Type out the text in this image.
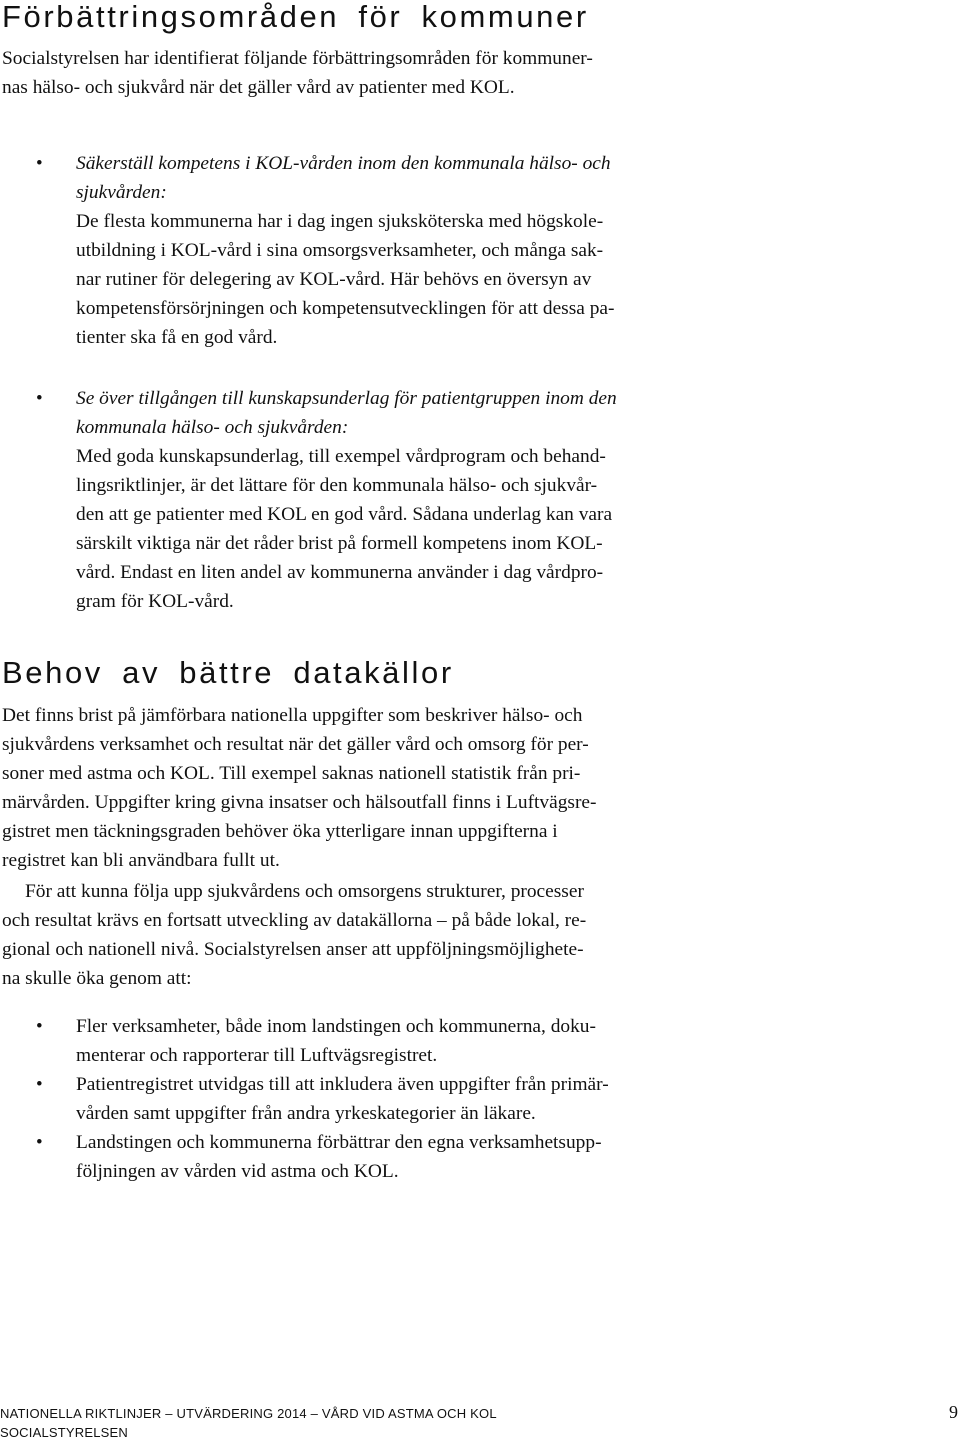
Förbättringsområden för kommuner

Socialstyrelsen har identifierat följande förbättringsområden för kommuner-
nas hälso- och sjukvård när det gäller vård av patienter med KOL.

•
Säkerställ kompetens i KOL-vården inom den kommunala hälso- och
sjukvården:
De flesta kommunerna har i dag ingen sjuksköterska med högskole-
utbildning i KOL-vård i sina omsorgsverksamheter, och många sak-
nar rutiner för delegering av KOL-vård. Här behövs en översyn av
kompetensförsörjningen och kompetensutvecklingen för att dessa pa-
tienter ska få en god vård.
•
Se över tillgången till kunskapsunderlag för patientgruppen inom den
kommunala hälso- och sjukvården:
Med goda kunskapsunderlag, till exempel vårdprogram och behand-
lingsriktlinjer, är det lättare för den kommunala hälso- och sjukvår-
den att ge patienter med KOL en god vård. Sådana underlag kan vara
särskilt viktiga när det råder brist på formell kompetens inom KOL-
vård. Endast en liten andel av kommunerna använder i dag vårdpro-
gram för KOL-vård.
Behov av bättre datakällor

Det finns brist på jämförbara nationella uppgifter som beskriver hälso- och
sjukvårdens verksamhet och resultat när det gäller vård och omsorg för per-
soner med astma och KOL. Till exempel saknas nationell statistik från pri-
märvården. Uppgifter kring givna insatser och hälsoutfall finns i Luftvägsre-
gistret men täckningsgraden behöver öka ytterligare innan uppgifterna i
registret kan bli användbara fullt ut.

För att kunna följa upp sjukvårdens och omsorgens strukturer, processer
och resultat krävs en fortsatt utveckling av datakällorna – på både lokal, re-
gional och nationell nivå. Socialstyrelsen anser att uppföljningsmöjlighete-
na skulle öka genom att:

•
Fler verksamheter, både inom landstingen och kommunerna, doku-
menterar och rapporterar till Luftvägsregistret.
•
Patientregistret utvidgas till att inkludera även uppgifter från primär-
vården samt uppgifter från andra yrkeskategorier än läkare.
•
Landstingen och kommunerna förbättrar den egna verksamhetsupp-
följningen av vården vid astma och KOL.
NATIONELLA RIKTLINJER – UTVÄRDERING 2014 – VÅRD VID ASTMA OCH KOL
SOCIALSTYRELSEN
9
